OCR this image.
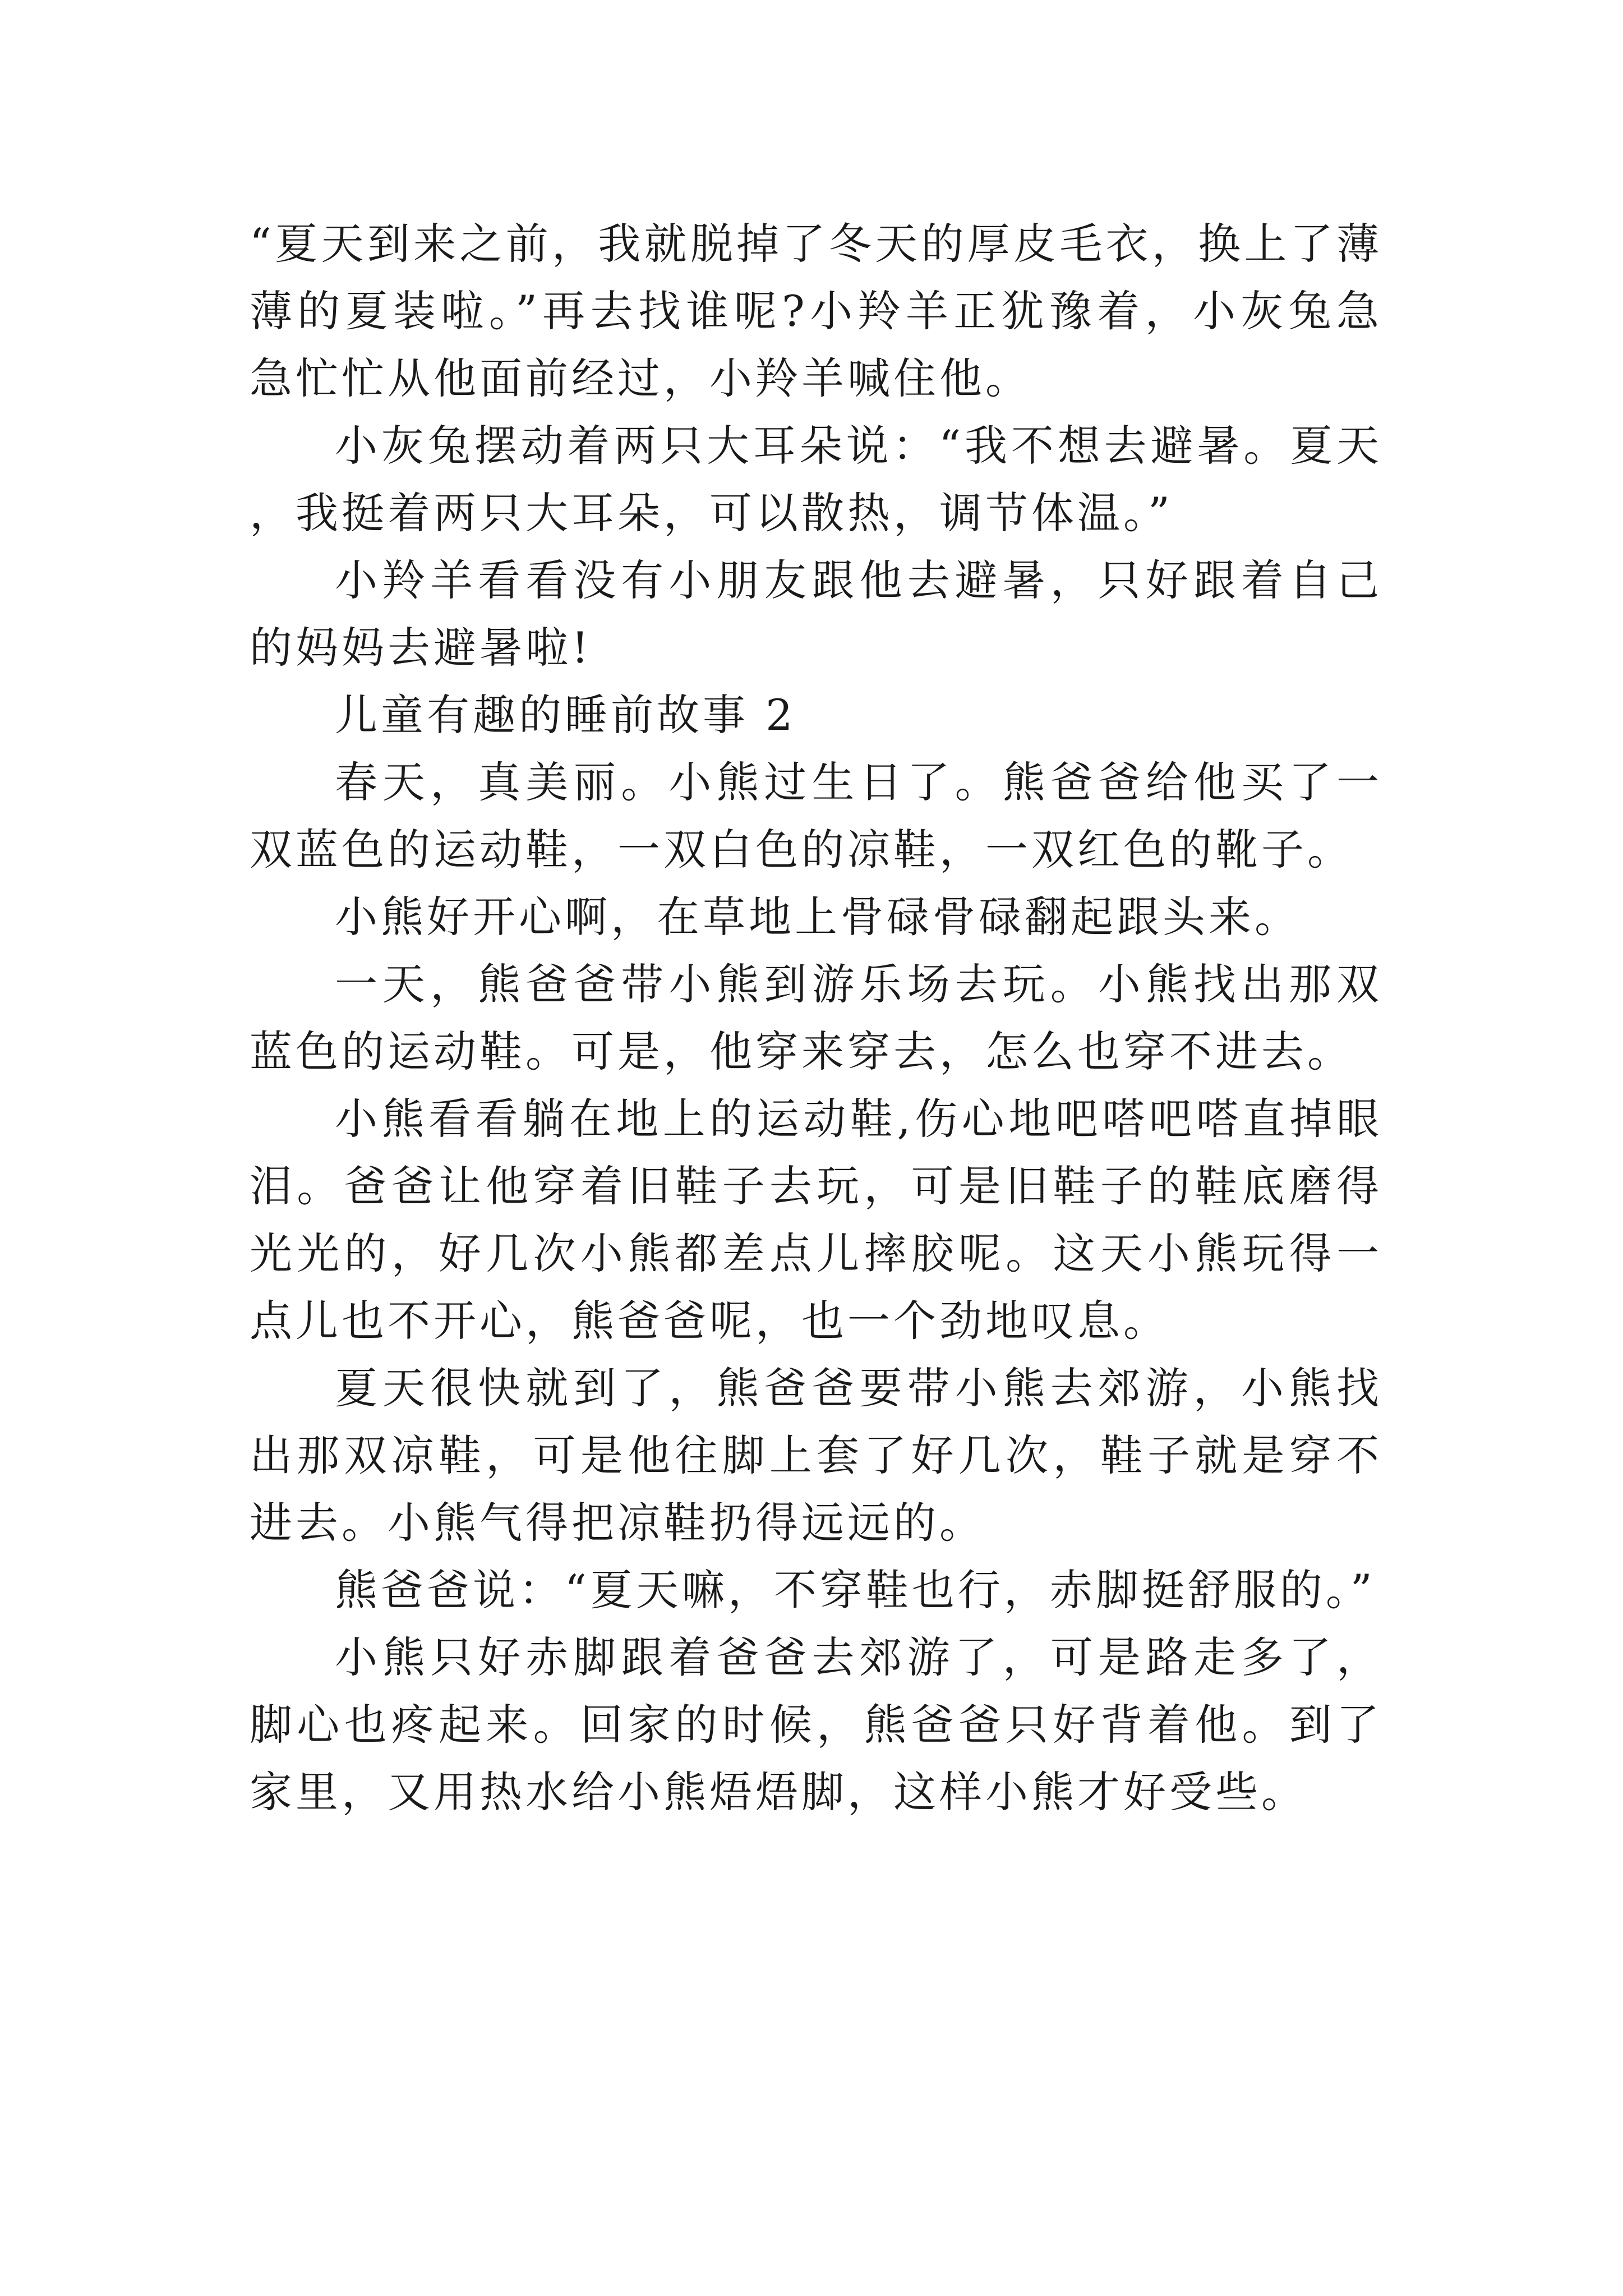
“夏天到来之前，我就脱掉了冬天的厚皮毛衣，换上了薄薄的夏装啦。”再去找谁呢?小羚羊正犹豫着，小灰兔急急忙忙从他面前经过，小羚羊喊住他。

小灰兔摆动着两只大耳朵说：“我不想去避暑。夏天，我挺着两只大耳朵，可以散热，调节体温。”

小羚羊看看没有小朋友跟他去避暑，只好跟着自己的妈妈去避暑啦!

儿童有趣的睡前故事 2

春天，真美丽。小熊过生日了。熊爸爸给他买了一双蓝色的运动鞋，一双白色的凉鞋，一双红色的靴子。

小熊好开心啊，在草地上骨碌骨碌翻起跟头来。

一天，熊爸爸带小熊到游乐场去玩。小熊找出那双蓝色的运动鞋。可是，他穿来穿去，怎么也穿不进去。

小熊看看躺在地上的运动鞋,伤心地吧嗒吧嗒直掉眼泪。爸爸让他穿着旧鞋子去玩，可是旧鞋子的鞋底磨得光光的，好几次小熊都差点儿摔胶呢。这天小熊玩得一点儿也不开心，熊爸爸呢，也一个劲地叹息。

夏天很快就到了，熊爸爸要带小熊去郊游，小熊找出那双凉鞋，可是他往脚上套了好几次，鞋子就是穿不进去。小熊气得把凉鞋扔得远远的。

熊爸爸说：“夏天嘛，不穿鞋也行，赤脚挺舒服的。”

小熊只好赤脚跟着爸爸去郊游了，可是路走多了，脚心也疼起来。回家的时候，熊爸爸只好背着他。到了家里，又用热水给小熊焐焐脚，这样小熊才好受些。
